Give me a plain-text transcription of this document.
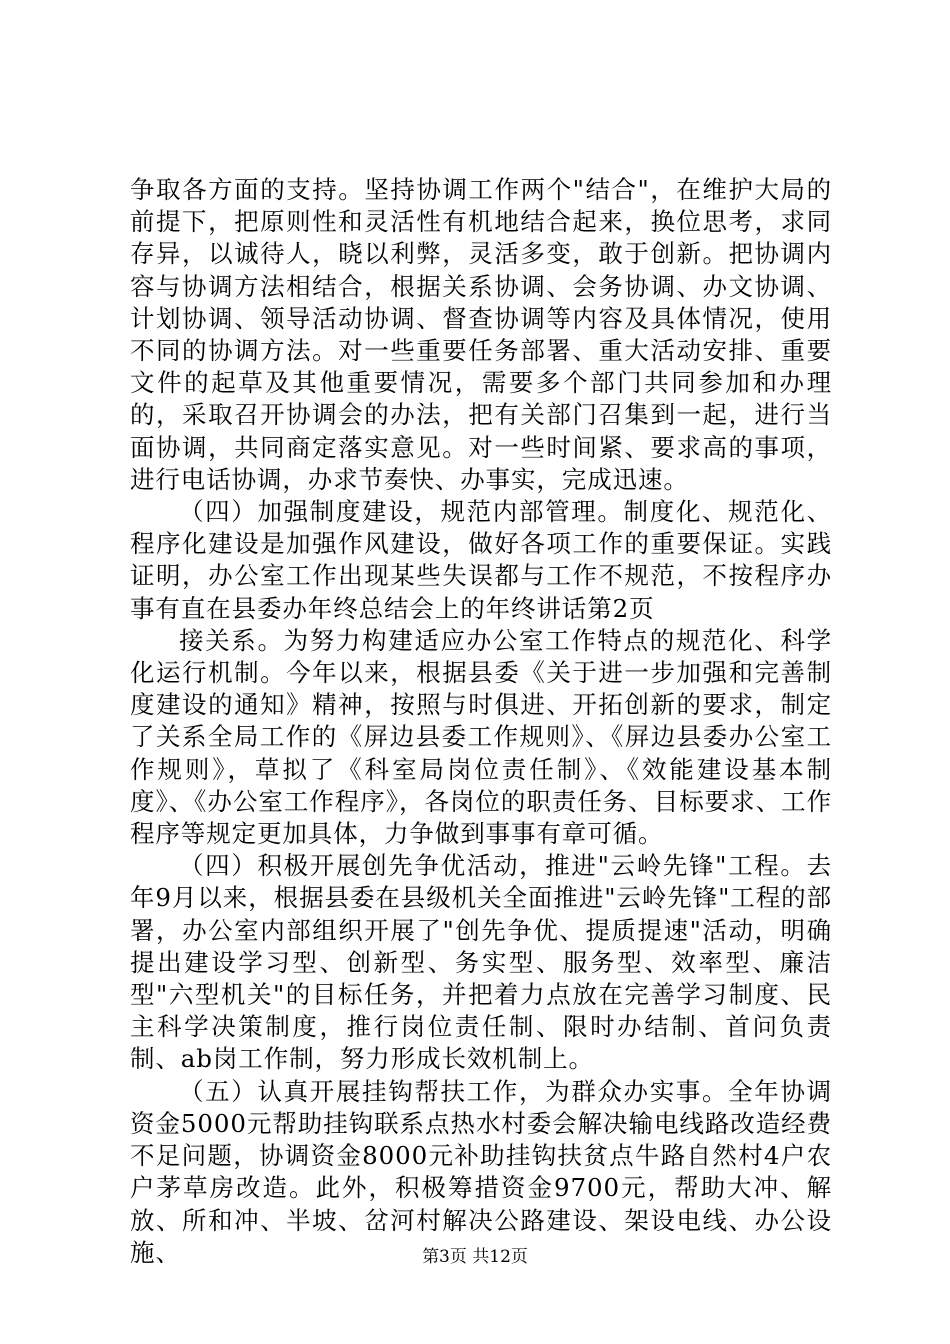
争取各方面的支持。坚持协调工作两个"结合"，在维护大局的前提下，把原则性和灵活性有机地结合起来，换位思考，求同存异，以诚待人，晓以利弊，灵活多变，敢于创新。把协调内容与协调方法相结合，根据关系协调、会务协调、办文协调、计划协调、领导活动协调、督查协调等内容及具体情况，使用不同的协调方法。对一些重要任务部署、重大活动安排、重要文件的起草及其他重要情况，需要多个部门共同参加和办理的，采取召开协调会的办法，把有关部门召集到一起，进行当面协调，共同商定落实意见。对一些时间紧、要求高的事项，进行电话协调，办求节奏快、办事实，完成迅速。

（四）加强制度建设，规范内部管理。制度化、规范化、程序化建设是加强作风建设，做好各项工作的重要保证。实践证明，办公室工作出现某些失误都与工作不规范，不按程序办事有直在县委办年终总结会上的年终讲话第2页

接关系。为努力构建适应办公室工作特点的规范化、科学化运行机制。今年以来，根据县委《关于进一步加强和完善制度建设的通知》精神，按照与时俱进、开拓创新的要求，制定了关系全局工作的《屏边县委工作规则》、《屏边县委办公室工作规则》，草拟了《科室局岗位责任制》、《效能建设基本制度》、《办公室工作程序》，各岗位的职责任务、目标要求、工作程序等规定更加具体，力争做到事事有章可循。

（四）积极开展创先争优活动，推进"云岭先锋"工程。去年9月以来，根据县委在县级机关全面推进"云岭先锋"工程的部署，办公室内部组织开展了"创先争优、提质提速"活动，明确提出建设学习型、创新型、务实型、服务型、效率型、廉洁型"六型机关"的目标任务，并把着力点放在完善学习制度、民主科学决策制度，推行岗位责任制、限时办结制、首问负责制、ab岗工作制，努力形成长效机制上。

（五）认真开展挂钩帮扶工作，为群众办实事。全年协调资金5000元帮助挂钩联系点热水村委会解决输电线路改造经费不足问题，协调资金8000元补助挂钩扶贫点牛路自然村4户农户茅草房改造。此外，积极筹措资金9700元，帮助大冲、解放、所和冲、半坡、岔河村解决公路建设、架设电线、办公设施、	第3页 共12页
